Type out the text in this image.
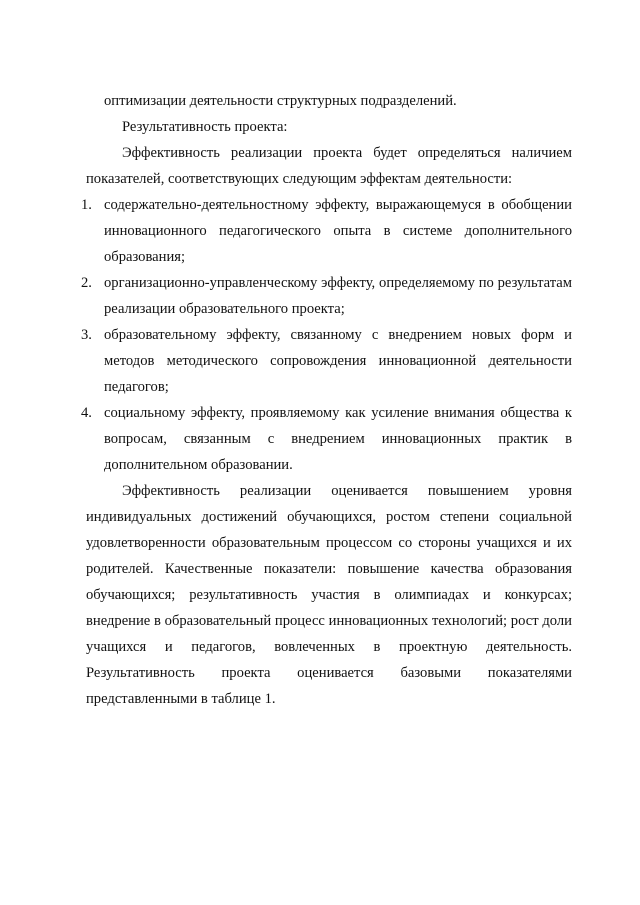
оптимизации деятельности структурных подразделений.

Результативность проекта:

Эффективность реализации проекта будет определяться наличием показателей, соответствующих следующим эффектам деятельности:

1. содержательно-деятельностному эффекту, выражающемуся в обобщении инновационного педагогического опыта в системе дополнительного образования;
2. организационно-управленческому эффекту, определяемому по результатам реализации образовательного проекта;
3. образовательному эффекту, связанному с внедрением новых форм и методов методического сопровождения инновационной деятельности педагогов;
4. социальному эффекту, проявляемому как усиление внимания общества к вопросам, связанным с внедрением инновационных практик в дополнительном образовании.

Эффективность реализации оценивается повышением уровня индивидуальных достижений обучающихся, ростом степени социальной удовлетворенности образовательным процессом со стороны учащихся и их родителей. Качественные показатели: повышение качества образования обучающихся; результативность участия в олимпиадах и конкурсах; внедрение в образовательный процесс инновационных технологий; рост доли учащихся и педагогов, вовлеченных в проектную деятельность. Результативность проекта оценивается базовыми показателями представленными в таблице 1.
